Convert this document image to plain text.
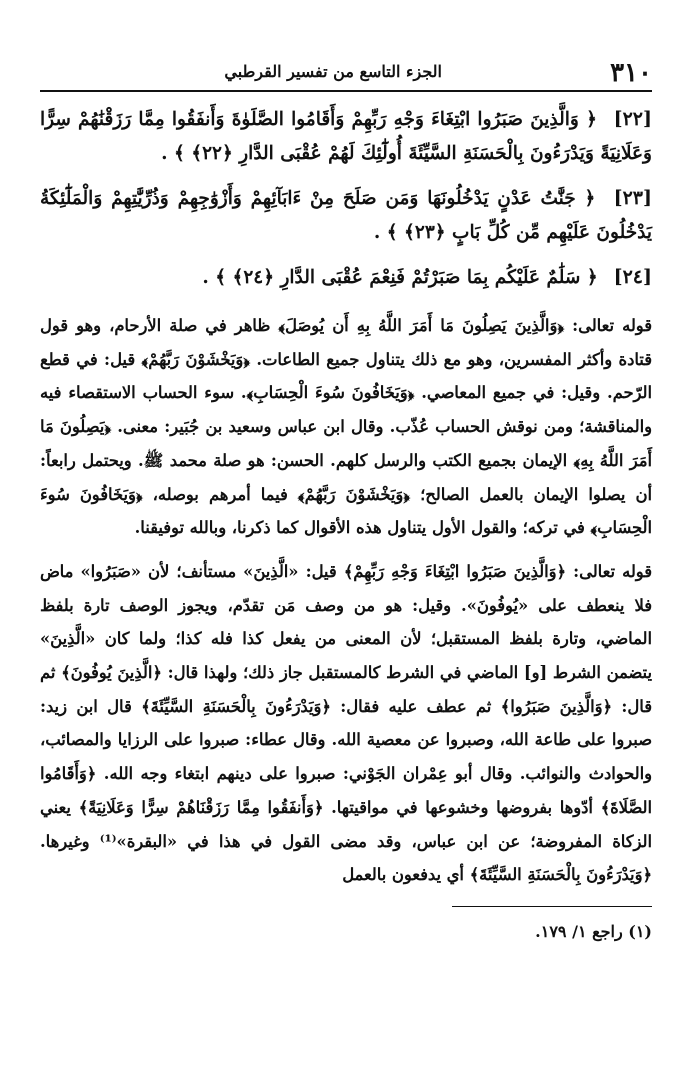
٣١٠
الجزء التاسع من تفسير القرطبي
[٢٢] ﴿ وَالَّذِينَ صَبَرُوا ابْتِغَاءَ وَجْهِ رَبِّهِمْ وَأَقَامُوا الصَّلَوٰةَ وَأَنفَقُوا مِمَّا رَزَقْنَٰهُمْ سِرًّا وَعَلَانِيَةً وَيَدْرَءُونَ بِالْحَسَنَةِ السَّيِّئَةَ أُولَٰٓئِكَ لَهُمْ عُقْبَى الدَّارِ ﴿٢٢﴾ ﴾ .
[٢٣] ﴿ جَنَّٰتُ عَدْنٍ يَدْخُلُونَهَا وَمَن صَلَحَ مِنْ ءَابَآئِهِمْ وَأَزْوَٰجِهِمْ وَذُرِّيَّٰتِهِمْ وَالْمَلَٰٓئِكَةُ يَدْخُلُونَ عَلَيْهِم مِّن كُلِّ بَابٍ ﴿٢٣﴾ ﴾ .
[٢٤] ﴿ سَلَٰمٌ عَلَيْكُم بِمَا صَبَرْتُمْ فَنِعْمَ عُقْبَى الدَّارِ ﴿٢٤﴾ ﴾ .

قوله تعالى: ﴿وَالَّذِينَ يَصِلُونَ مَا أَمَرَ اللَّهُ بِهِ أَن يُوصَلَ﴾ ظاهر في صلة الأرحام، وهو قول قتادة وأكثر المفسرين، وهو مع ذلك يتناول جميع الطاعات. ﴿وَيَخْشَوْنَ رَبَّهُمْ﴾ قيل: في قطع الرّحم. وقيل: في جميع المعاصي. ﴿وَيَخَافُونَ سُوءَ الْحِسَابِ﴾. سوء الحساب الاستقصاء فيه والمناقشة؛ ومن نوقش الحساب عُذّب. وقال ابن عباس وسعيد بن جُبَير: معنى. ﴿يَصِلُونَ مَا أَمَرَ اللَّهُ بِهِ﴾ الإيمان بجميع الكتب والرسل كلهم. الحسن: هو صلة محمد ﷺ. ويحتمل رابعاً: أن يصلوا الإيمان بالعمل الصالح؛ ﴿وَيَخْشَوْنَ رَبَّهُمْ﴾ فيما أمرهم بوصله، ﴿وَيَخَافُونَ سُوءَ الْحِسَابِ﴾ في تركه؛ والقول الأول يتناول هذه الأقوال كما ذكرنا، وبالله توفيقنا.

قوله تعالى: ﴿وَالَّذِينَ صَبَرُوا ابْتِغَاءَ وَجْهِ رَبِّهِمْ﴾ قيل: «الَّذِينَ» مستأنف؛ لأن «صَبَرُوا» ماض فلا ينعطف على «يُوفُونَ». وقيل: هو من وصف مَن تقدّم، ويجوز الوصف تارة بلفظ الماضي، وتارة بلفظ المستقبل؛ لأن المعنى من يفعل كذا فله كذا؛ ولما كان «الَّذِينَ» يتضمن الشرط [و] الماضي في الشرط كالمستقبل جاز ذلك؛ ولهذا قال: ﴿الَّذِينَ يُوفُونَ﴾ ثم قال: ﴿وَالَّذِينَ صَبَرُوا﴾ ثم عطف عليه فقال: ﴿وَيَدْرَءُونَ بِالْحَسَنَةِ السَّيِّئَةَ﴾ قال ابن زيد: صبروا على طاعة الله، وصبروا عن معصية الله. وقال عطاء: صبروا على الرزايا والمصائب، والحوادث والنوائب. وقال أبو عِمْران الجَوْني: صبروا على دينهم ابتغاء وجه الله. ﴿وَأَقَامُوا الصَّلَاةَ﴾ أدّوها بفروضها وخشوعها في مواقيتها. ﴿وَأَنفَقُوا مِمَّا رَزَقْنَاهُمْ سِرًّا وَعَلَانِيَةً﴾ يعني الزكاة المفروضة؛ عن ابن عباس، وقد مضى القول في هذا في «البقرة»⁽¹⁾ وغيرها. ﴿وَيَدْرَءُونَ بِالْحَسَنَةِ السَّيِّئَةَ﴾ أي يدفعون بالعمل

(١) راجع ١/ ١٧٩.
